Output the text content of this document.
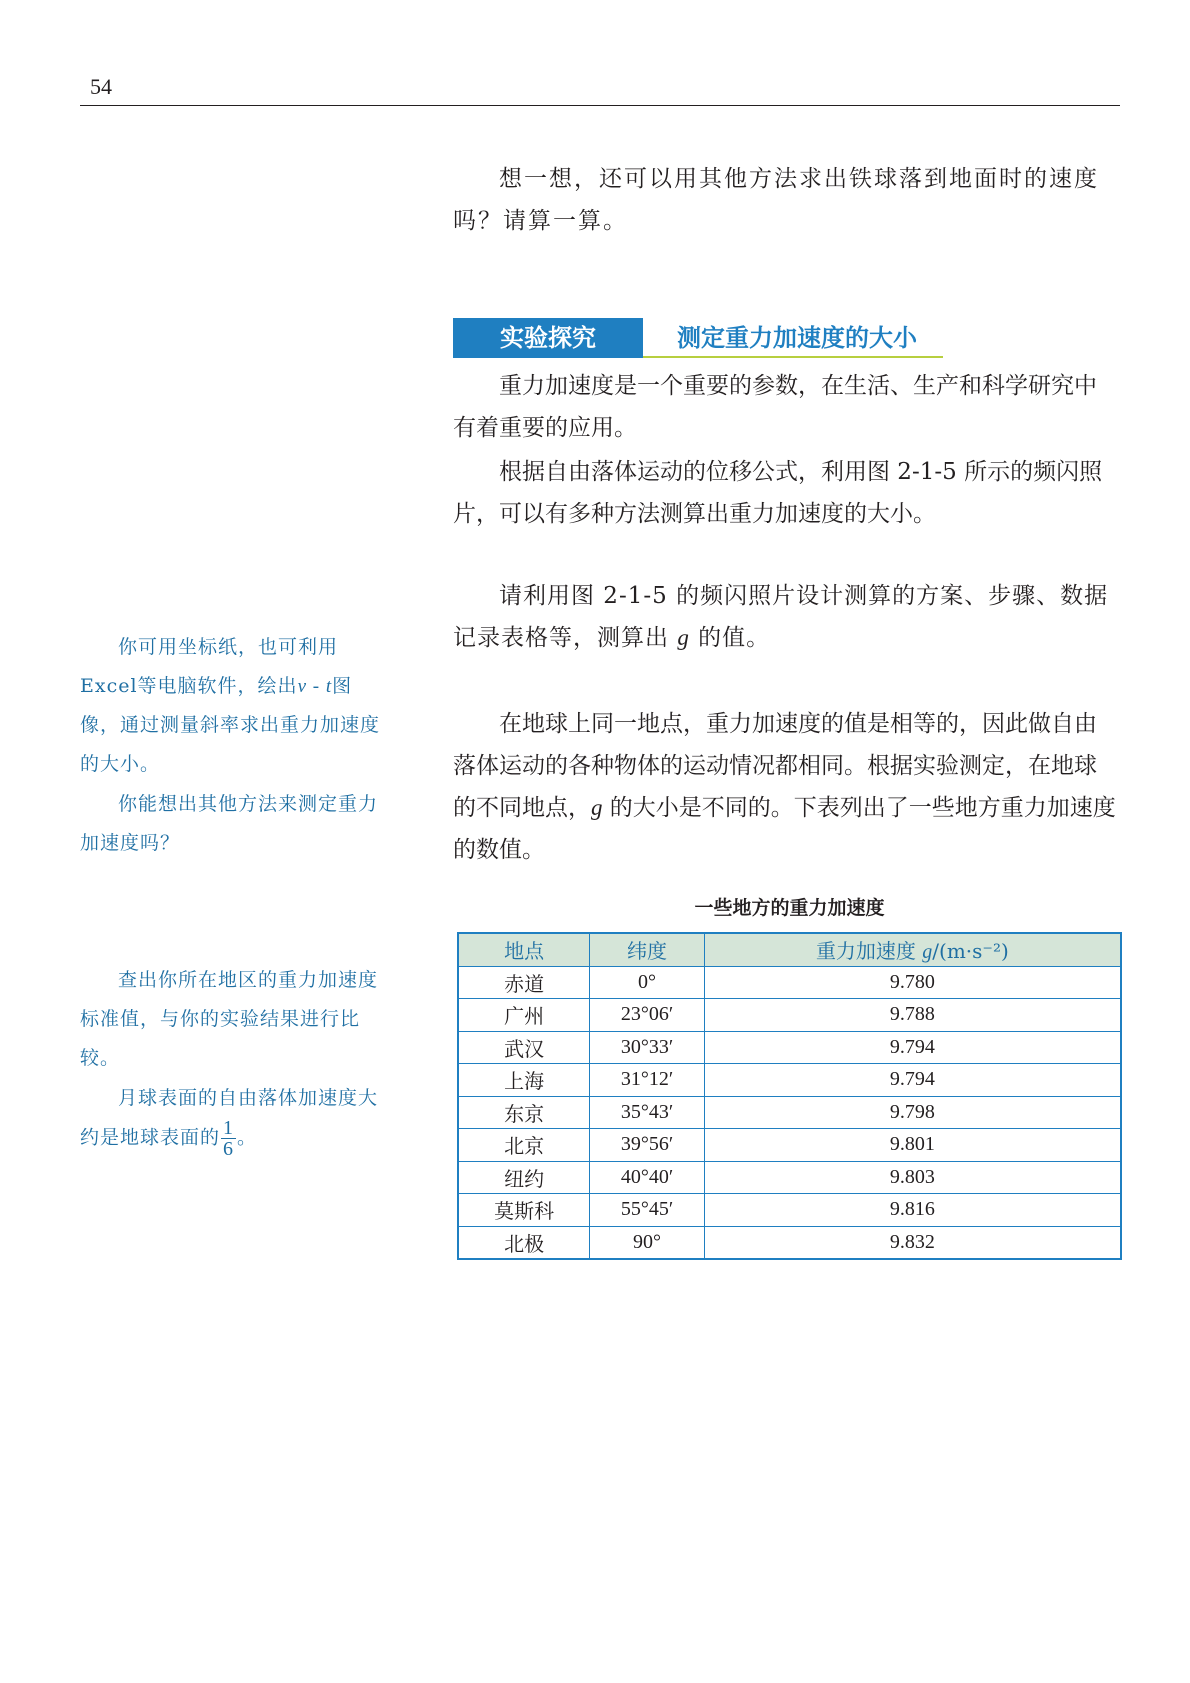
54

想一想，还可以用其他方法求出铁球落到地面时的速度吗？请算一算。

实验探究	测定重力加速度的大小

重力加速度是一个重要的参数，在生活、生产和科学研究中有着重要的应用。

根据自由落体运动的位移公式，利用图 2-1-5 所示的频闪照片，可以有多种方法测算出重力加速度的大小。

请利用图 2-1-5 的频闪照片设计测算的方案、步骤、数据记录表格等，测算出 g 的值。

在地球上同一地点，重力加速度的值是相等的，因此做自由落体运动的各种物体的运动情况都相同。根据实验测定，在地球的不同地点，g 的大小是不同的。下表列出了一些地方重力加速度的数值。

你可用坐标纸，也可利用Excel等电脑软件，绘出v - t图像，通过测量斜率求出重力加速度的大小。

你能想出其他方法来测定重力加速度吗？

查出你所在地区的重力加速度标准值，与你的实验结果进行比较。

月球表面的自由落体加速度大约是地球表面的 $\frac{1}{6}$ 。

一些地方的重力加速度
地点	纬度	重力加速度 g/(m·s⁻²)
赤道	0°	9.780
广州	23°06′	9.788
武汉	30°33′	9.794
上海	31°12′	9.794
东京	35°43′	9.798
北京	39°56′	9.801
纽约	40°40′	9.803
莫斯科	55°45′	9.816
北极	90°	9.832
